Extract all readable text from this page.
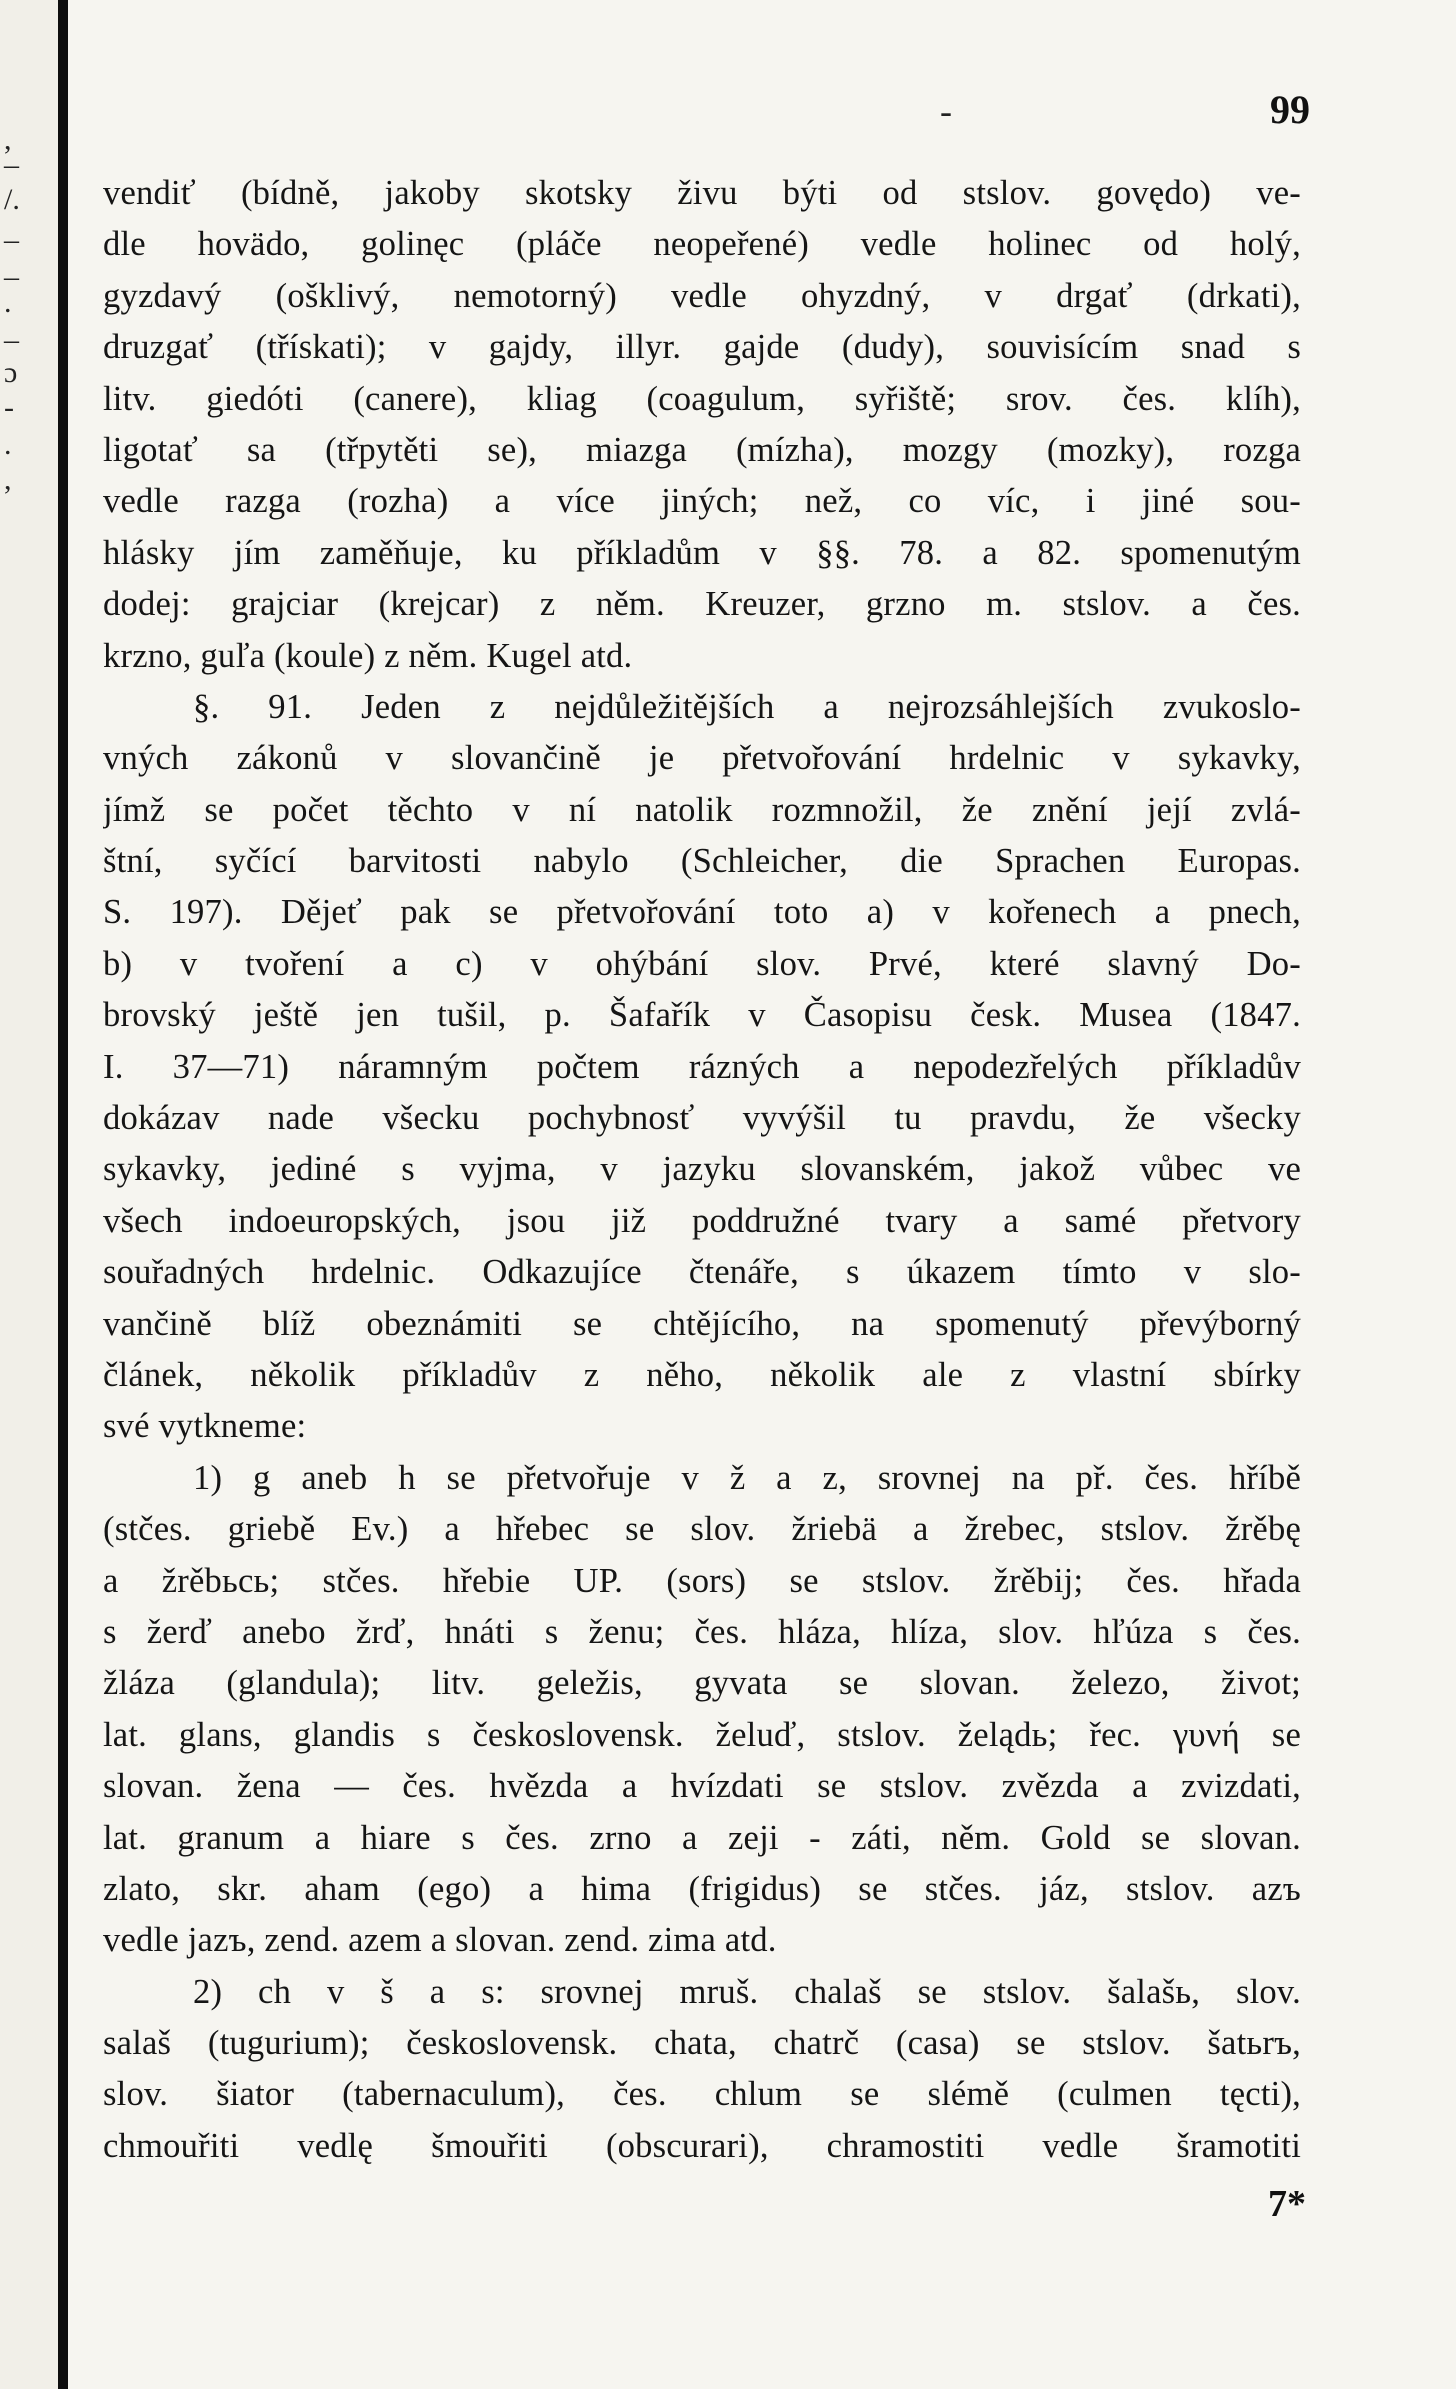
,
–
/.
–
–
.
–
ɔ
-
.
,
-	99
vendiť (bídně, jakoby skotsky živu býti od stslov. govędo) ve-
dle hovädo, golinęc (pláče neopeřené) vedle holinec od holý,
gyzdavý (ošklivý, nemotorný) vedle ohyzdný, v drgať (drkati),
druzgať (třískati); v gajdy, illyr. gajde (dudy), souvisícím snad s
litv. giedóti (canere), kliag (coagulum, syřiště; srov. čes. klíh),
ligotať sa (třpytěti se), miazga (mízha), mozgy (mozky), rozga
vedle razga (rozha) a více jiných; než, co víc, i jiné sou-
hlásky jím zaměňuje, ku příkladům v §§. 78. a 82. spomenutým
dodej: grajciar (krejcar) z něm. Kreuzer, grzno m. stslov. a čes.
krzno, guľa (koule) z něm. Kugel atd.
§. 91. Jeden z nejdůležitějších a nejrozsáhlejších zvukoslo-
vných zákonů v slovančině je přetvořování hrdelnic v sykavky,
jímž se počet těchto v ní natolik rozmnožil, že znění její zvlá-
štní, syčící barvitosti nabylo (Schleicher, die Sprachen Europas.
S. 197). Dějeť pak se přetvořování toto a) v kořenech a pnech,
b) v tvoření a c) v ohýbání slov. Prvé, které slavný Do-
brovský ještě jen tušil, p. Šafařík v Časopisu česk. Musea (1847.
I. 37—71) náramným počtem rázných a nepodezřelých příkladův
dokázav nade všecku pochybnosť vyvýšil tu pravdu, že všecky
sykavky, jediné s vyjma, v jazyku slovanském, jakož vůbec ve
všech indoeuropských, jsou již poddružné tvary a samé přetvory
souřadných hrdelnic. Odkazujíce čtenáře, s úkazem tímto v slo-
vančině blíž obeznámiti se chtějícího, na spomenutý převýborný
článek, několik příkladův z něho, několik ale z vlastní sbírky
své vytkneme:
1) g aneb h se přetvořuje v ž a z, srovnej na př. čes. hříbě
(stčes. griebě Ev.) a hřebec se slov. žriebä a žrebec, stslov. žrěbę
a žrěbьсь; stčes. hřebie UP. (sors) se stslov. žrěbij; čes. hřada
s žerď anebo žrď, hnáti s ženu; čes. hláza, hlíza, slov. hľúza s čes.
žláza (glandula); litv. geležis, gyvata se slovan. železo, život;
lat. glans, glandis s československ. želuď, stslov. želądь; řec. γυνή se
slovan. žena — čes. hvězda a hvízdati se stslov. zvězda a zvizdati,
lat. granum a hiare s čes. zrno a zeji - záti, něm. Gold se slovan.
zlato, skr. aham (ego) a hima (frigidus) se stčes. jáz, stslov. azъ
vedle jazъ, zend. azem a slovan. zend. zima atd.
2) ch v š a s: srovnej mruš. chalaš se stslov. šalašь, slov.
salaš (tugurium); československ. chata, chatrč (casa) se stslov. šatьrъ,
slov. šiator (tabernaculum), čes. chlum se slémě (culmen tęcti),
chmouřiti vedlę šmouřiti (obscurari), chramostiti vedle šramotiti
7*
